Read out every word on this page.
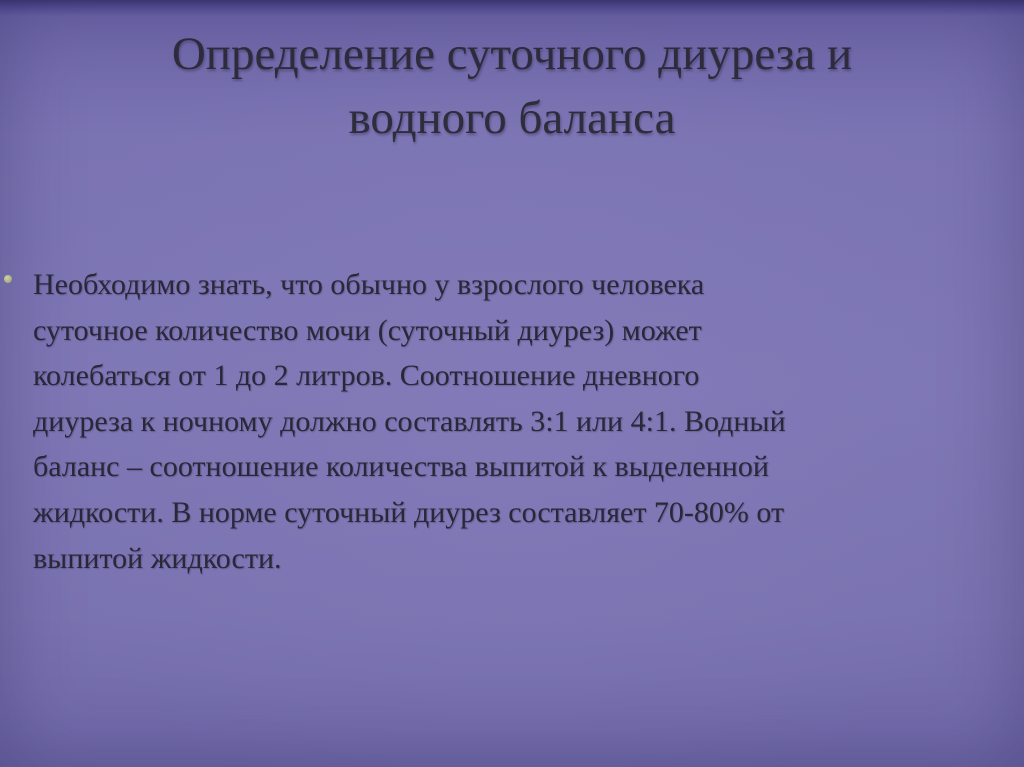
Определение суточного диуреза и
водного баланса

Необходимо знать, что обычно у взрослого человека
суточное количество мочи (суточный диурез) может
колебаться от 1 до 2 литров. Соотношение дневного
диуреза к ночному должно составлять 3:1 или 4:1. Водный
баланс – соотношение количества выпитой к выделенной
жидкости. В норме суточный диурез составляет 70-80% от
выпитой жидкости.
